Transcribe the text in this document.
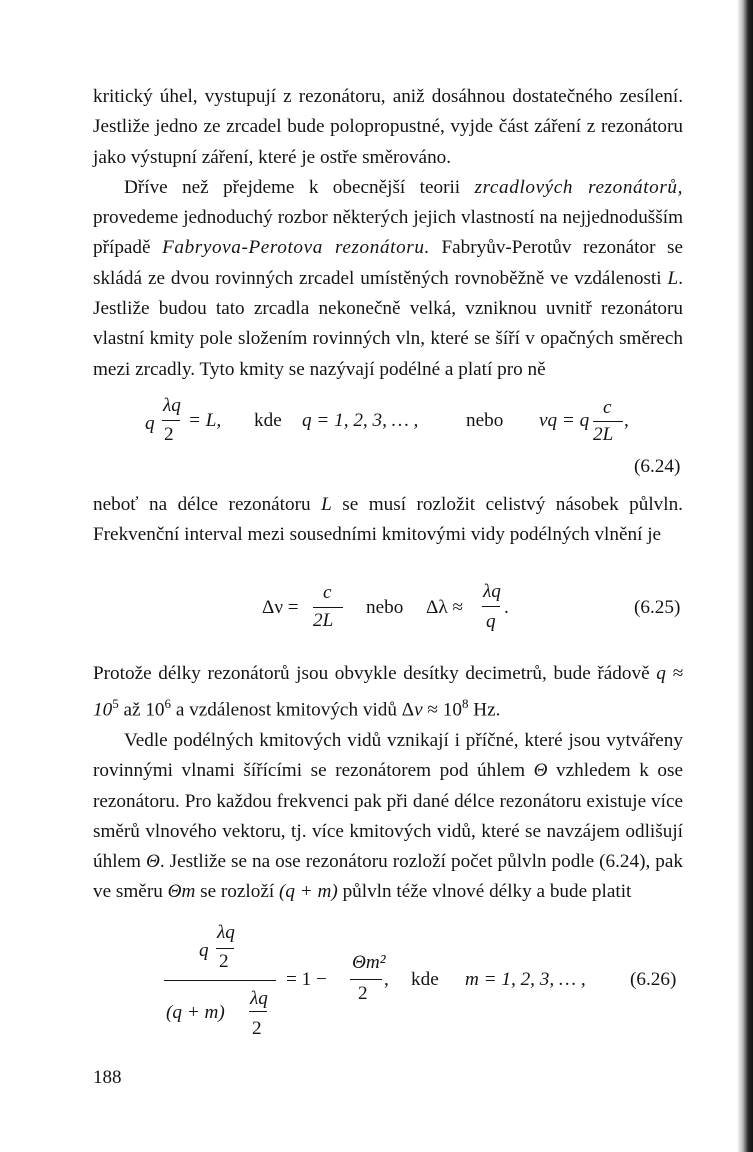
kritický úhel, vystupují z rezonátoru, aniž dosáhnou dostatečného zesílení. Jestliže jedno ze zrcadel bude polopropustné, vyjde část záření z rezonátoru jako výstupní záření, které je ostře směrováno.

Dříve než přejdeme k obecnější teorii zrcadlových rezonátorů, provedeme jednoduchý rozbor některých jejich vlastností na nejjednodušším případě Fabryova-Perotova rezonátoru. Fabryův-Perotův rezonátor se skládá ze dvou rovinných zrcadel umístěných rovnoběžně ve vzdálenosti L. Jestliže budou tato zrcadla nekonečně velká, vzniknou uvnitř rezonátoru vlastní kmity pole složením rovinných vln, které se šíří v opačných směrech mezi zrcadly. Tyto kmity se nazývají podélné a platí pro ně

q
λq
2
= L, kde q = 1, 2, 3, … , nebo νq = q
c
2L
,
(6.24)

neboť na délce rezonátoru L se musí rozložit celistvý násobek půlvln. Frekvenční interval mezi sousedními kmitovými vidy podélných vlnění je

Δν =
c
2L
nebo Δλ ≈
λq
q
.	(6.25)

Protože délky rezonátorů jsou obvykle desítky decimetrů, bude řádově $q \approx 10^5$ až $10^6$ a vzdálenost kmitových vidů $\Delta\nu \approx 10^8$ Hz.

Vedle podélných kmitových vidů vznikají i příčné, které jsou vytvářeny rovinnými vlnami šířícími se rezonátorem pod úhlem Θ vzhledem k ose rezonátoru. Pro každou frekvenci pak při dané délce rezonátoru existuje více směrů vlnového vektoru, tj. více kmitových vidů, které se navzájem odlišují úhlem Θ. Jestliže se na ose rezonátoru rozloží počet půlvln podle (6.24), pak ve směru Θm se rozloží (q + m) půlvln téže vlnové délky a bude platit

q
λq
2
(q + m)
λq
2
= 1 −
Θm²
2
, kde m = 1, 2, 3, … , (6.26)
188
